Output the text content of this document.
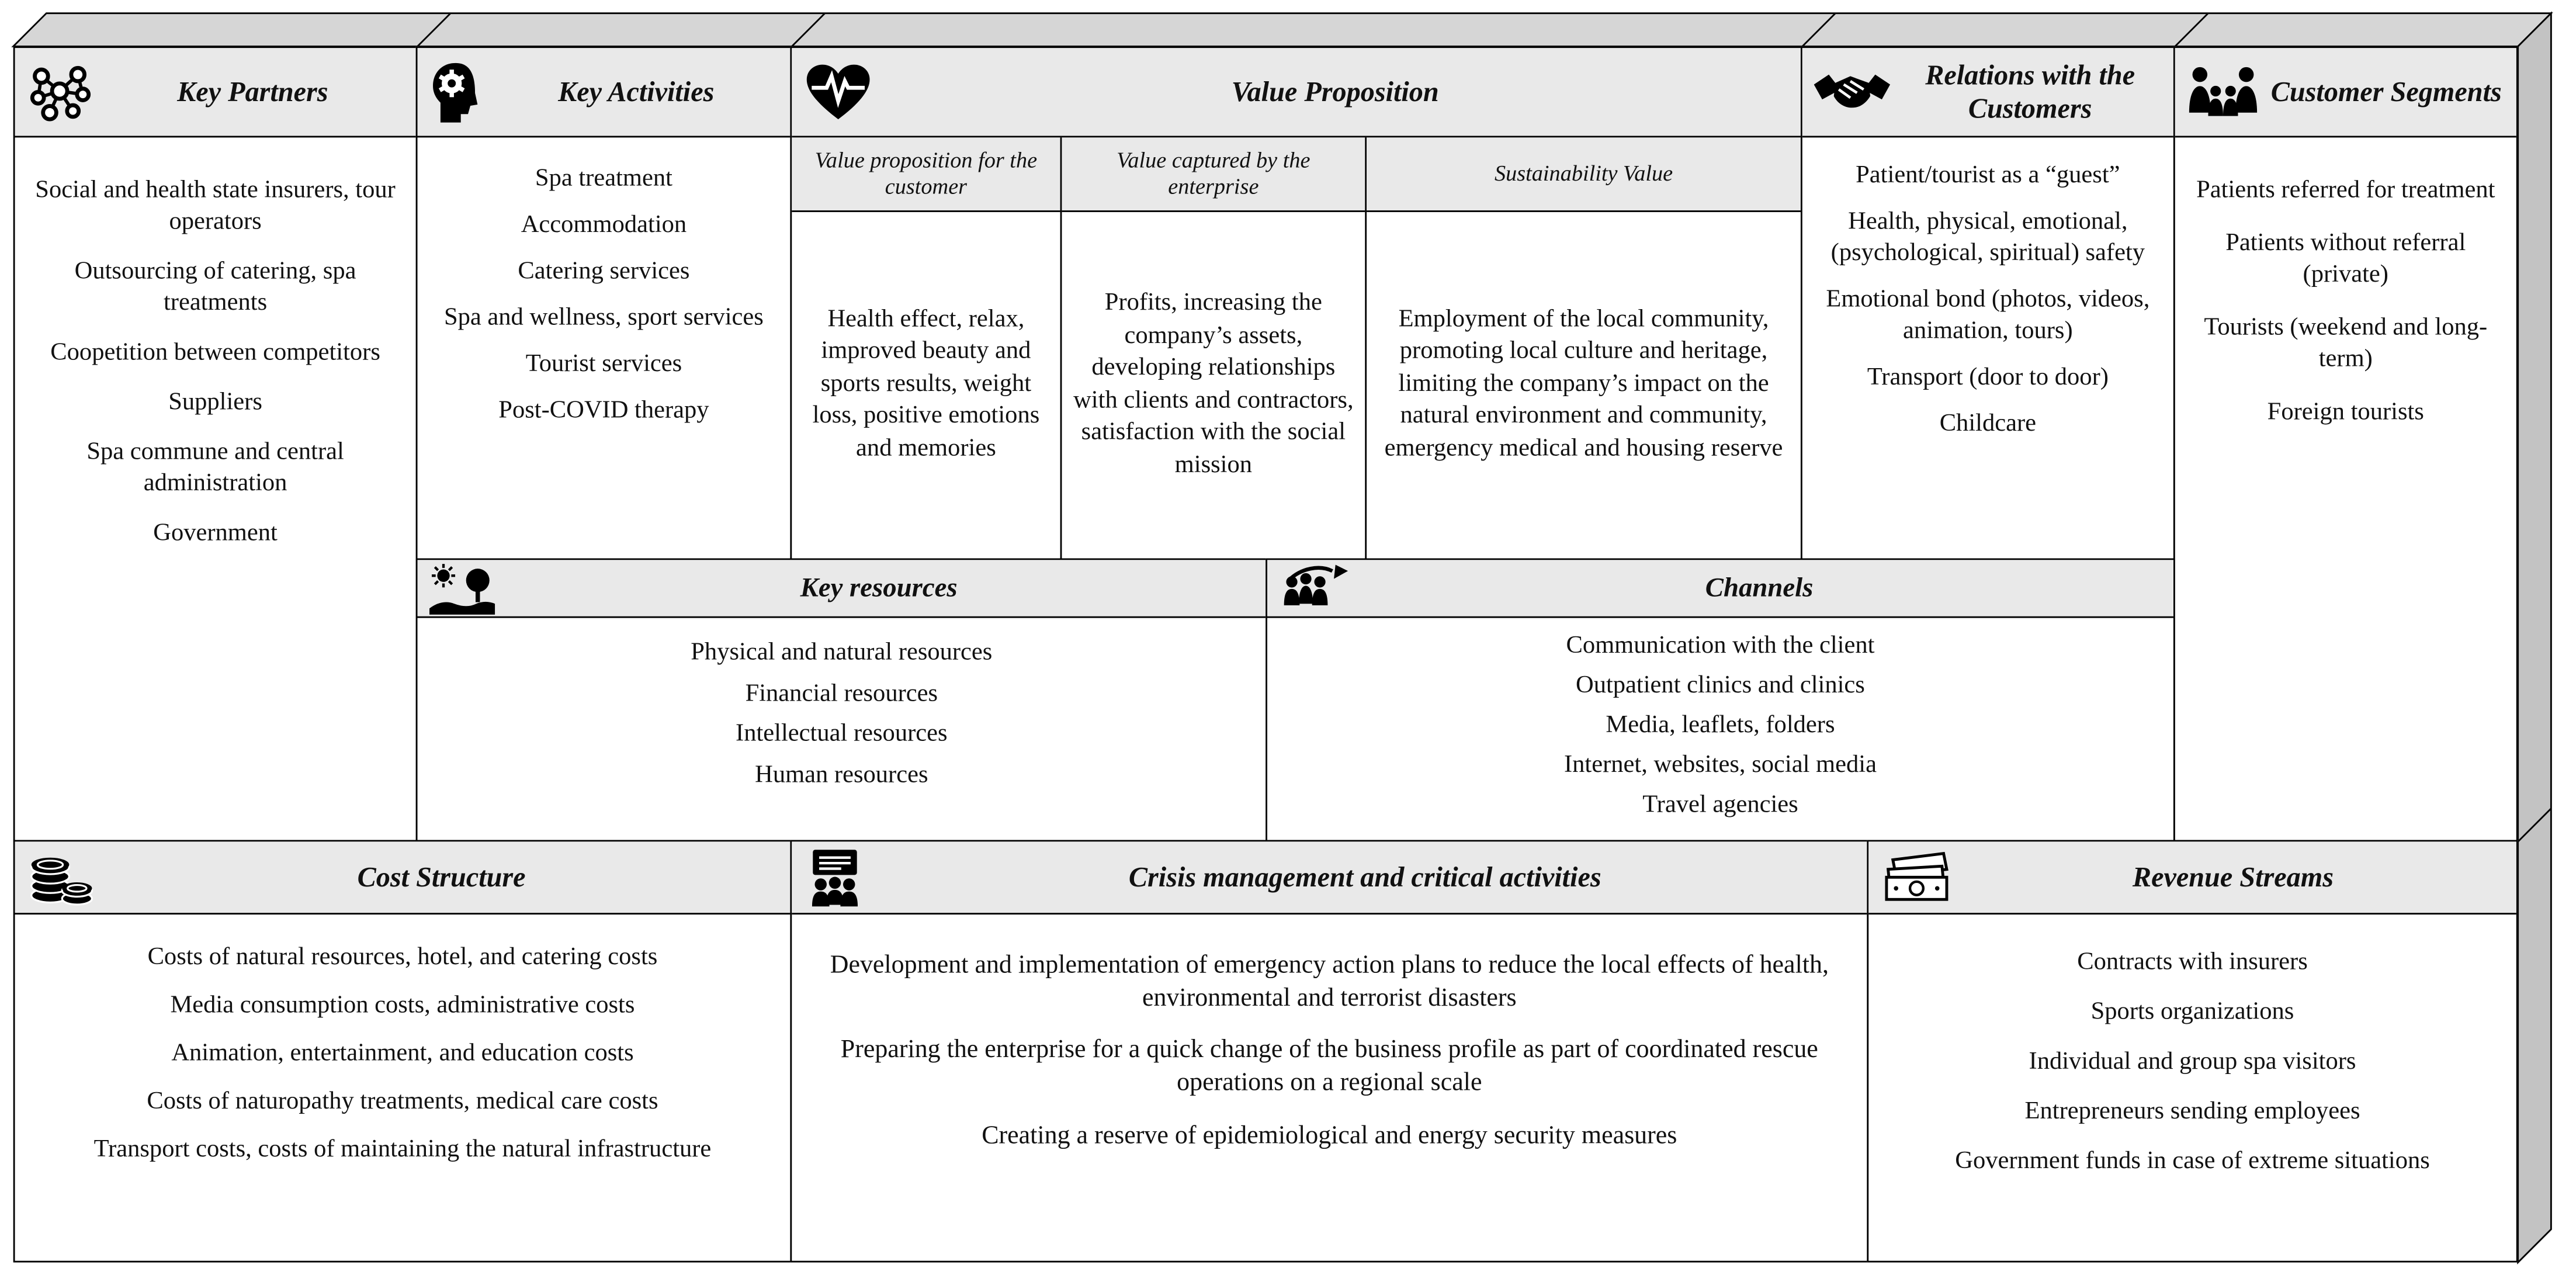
Key Partners

Social and health state insurers, tour operators

Outsourcing of catering, spa treatments

Coopetition between competitors

Suppliers

Spa commune and central administration

Government

Key Activities

Spa treatment

Accommodation

Catering services

Spa and wellness, sport services

Tourist services

Post-COVID therapy

Value Proposition
Value proposition for the customer
Health effect, relax, improved beauty and sports results, weight loss, positive emotions and memories
Value captured by the enterprise
Profits, increasing the company’s assets, developing relationships with clients and contractors, satisfaction with the social mission
Sustainability Value
Employment of the local community, promoting local culture and heritage, limiting the company’s impact on the natural environment and community, emergency medical and housing reserve
Relations with the Customers

Patient/tourist as a “guest”

Health, physical, emotional, (psychological, spiritual) safety

Emotional bond (photos, videos, animation, tours)

Transport (door to door)

Childcare

Customer Segments

Patients referred for treatment

Patients without referral (private)

Tourists (weekend and long-term)

Foreign tourists

Key resources

Physical and natural resources

Financial resources

Intellectual resources

Human resources

Channels

Communication with the client

Outpatient clinics and clinics

Media, leaflets, folders

Internet, websites, social media

Travel agencies

Cost Structure

Costs of natural resources, hotel, and catering costs

Media consumption costs, administrative costs

Animation, entertainment, and education costs

Costs of naturopathy treatments, medical care costs

Transport costs, costs of maintaining the natural infrastructure

Crisis management and critical activities

Development and implementation of emergency action plans to reduce the local effects of health, environmental and terrorist disasters

Preparing the enterprise for a quick change of the business profile as part of coordinated rescue operations on a regional scale

Creating a reserve of epidemiological and energy security measures

Revenue Streams

Contracts with insurers

Sports organizations

Individual and group spa visitors

Entrepreneurs sending employees

Government funds in case of extreme situations
